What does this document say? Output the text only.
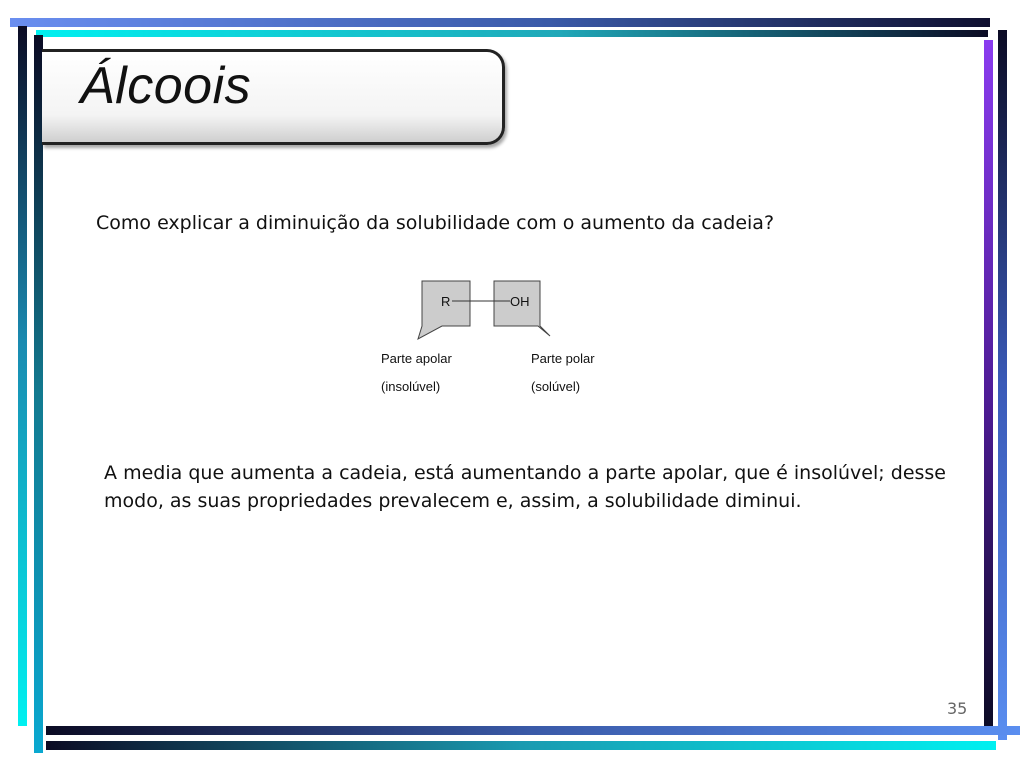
Álcoois
Como explicar a diminuição da solubilidade com o aumento da cadeia?
R	OH
Parte apolar
(insolúvel)
Parte polar
(solúvel)
A media que aumenta a cadeia, está aumentando a parte apolar, que é insolúvel; desse modo, as suas propriedades prevalecem e, assim, a solubilidade diminui.
35
